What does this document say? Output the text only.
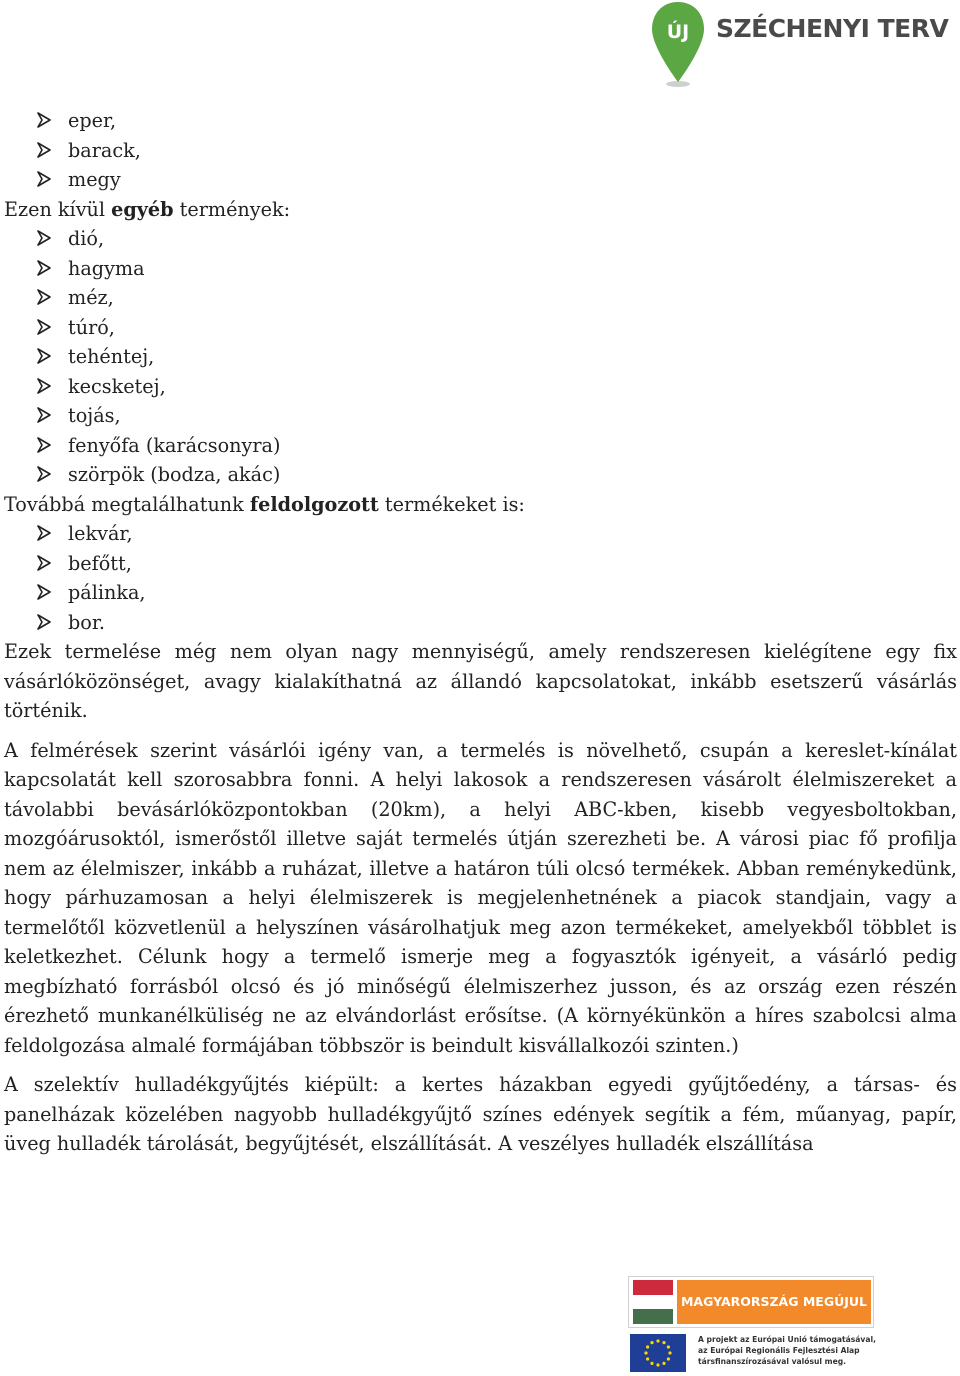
ÚJ SZÉCHENYI TERV
eper,
barack,
megy

Ezen kívül egyéb termények:

dió,
hagyma
méz,
túró,
tehéntej,
kecsketej,
tojás,
fenyőfa (karácsonyra)
szörpök (bodza, akác)

Továbbá megtalálhatunk feldolgozott termékeket is:

lekvár,
befőtt,
pálinka,
bor.

Ezek termelése még nem olyan nagy mennyiségű, amely rendszeresen kielégítene egy fix vásárlóközönséget, avagy kialakíthatná az állandó kapcsolatokat, inkább esetszerű vásárlás történik.

A felmérések szerint vásárlói igény van, a termelés is növelhető, csupán a kereslet-kínálat kapcsolatát kell szorosabbra fonni. A helyi lakosok a rendszeresen vásárolt élelmiszereket a távolabbi bevásárlóközpontokban (20km), a helyi ABC-kben, kisebb vegyesboltokban, mozgóárusoktól, ismerőstől illetve saját termelés útján szerezheti be. A városi piac fő profilja nem az élelmiszer, inkább a ruházat, illetve a határon túli olcsó termékek. Abban reménykedünk, hogy párhuzamosan a helyi élelmiszerek is megjelenhetnének a piacok standjain, vagy a termelőtől közvetlenül a helyszínen vásárolhatjuk meg azon termékeket, amelyekből többlet is keletkezhet. Célunk hogy a termelő ismerje meg a fogyasztók igényeit, a vásárló pedig megbízható forrásból olcsó és jó minőségű élelmiszerhez jusson, és az ország ezen részén érezhető munkanélküliség ne az elvándorlást erősítse. (A környékünkön a híres szabolcsi alma feldolgozása almalé formájában többször is beindult kisvállalkozói szinten.)

A szelektív hulladékgyűjtés kiépült: a kertes házakban egyedi gyűjtőedény, a társas- és panelházak közelében nagyobb hulladékgyűjtő színes edények segítik a fém, műanyag, papír, üveg hulladék tárolását, begyűjtését, elszállítását. A veszélyes hulladék elszállítása

MAGYARORSZÁG MEGÚJUL
A projekt az Európai Unió támogatásával,
az Európai Regionális Fejlesztési Alap
társfinanszírozásával valósul meg.
